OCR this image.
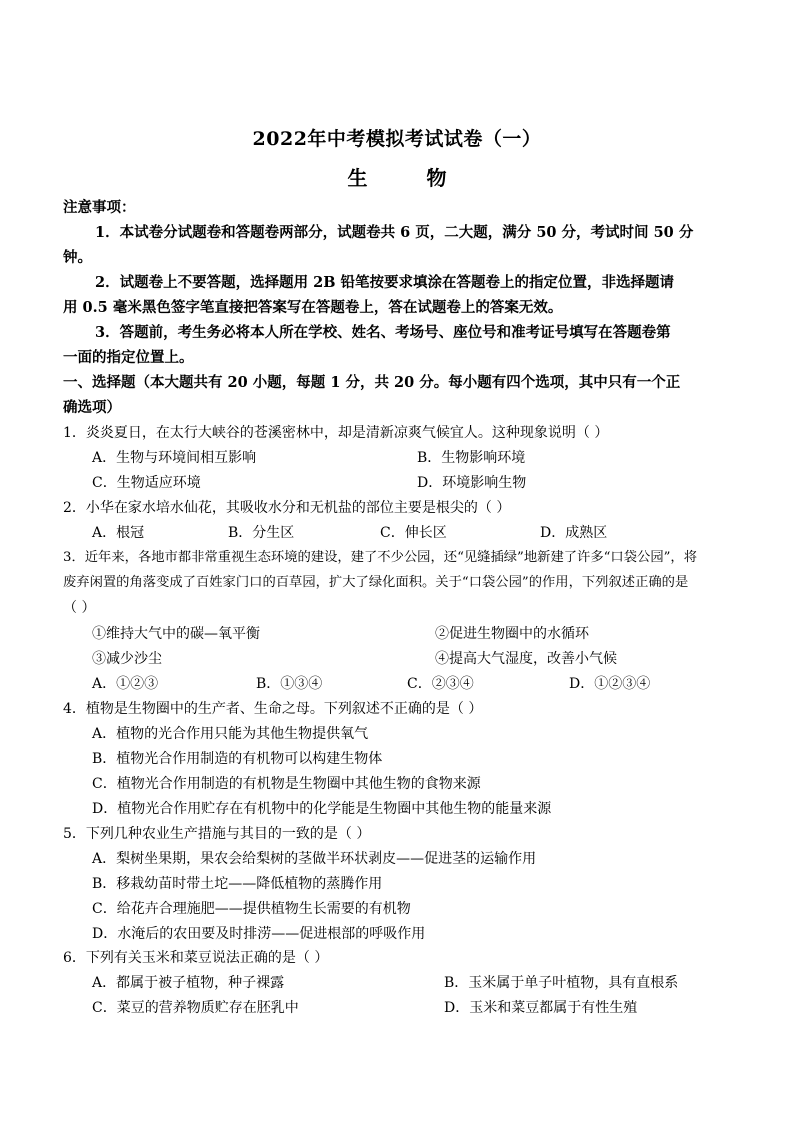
2022年中考模拟考试试卷（一）
生 物
注意事项：
1．本试卷分试题卷和答题卷两部分，试题卷共 6 页，二大题，满分 50 分，考试时间 50 分
钟。
2．试题卷上不要答题，选择题用 2B 铅笔按要求填涂在答题卷上的指定位置，非选择题请
用 0.5 毫米黑色签字笔直接把答案写在答题卷上，答在试题卷上的答案无效。
3．答题前，考生务必将本人所在学校、姓名、考场号、座位号和准考证号填写在答题卷第
一面的指定位置上。
一、选择题（本大题共有 20 小题，每题 1 分，共 20 分。每小题有四个选项，其中只有一个正
确选项）
1．炎炎夏日，在太行大峡谷的苍溪密林中，却是清新凉爽气候宜人。这种现象说明（ ）
A．生物与环境间相互影响	B．生物影响环境
C．生物适应环境	D．环境影响生物
2．小华在家水培水仙花，其吸收水分和无机盐的部位主要是根尖的（ ）
A．根冠	B．分生区	C．伸长区	D．成熟区
3．近年来，各地市都非常重视生态环境的建设，建了不少公园，还“见缝插绿”地新建了许多“口袋公园”，将
废弃闲置的角落变成了百姓家门口的百草园，扩大了绿化面积。关于“口袋公园”的作用，下列叙述正确的是
（ ）
①维持大气中的碳—氧平衡	②促进生物圈中的水循环
③减少沙尘	④提高大气湿度，改善小气候
A．①②③	B．①③④	C．②③④	D．①②③④
4．植物是生物圈中的生产者、生命之母。下列叙述不正确的是（ ）
A．植物的光合作用只能为其他生物提供氧气
B．植物光合作用制造的有机物可以构建生物体
C．植物光合作用制造的有机物是生物圈中其他生物的食物来源
D．植物光合作用贮存在有机物中的化学能是生物圈中其他生物的能量来源
5．下列几种农业生产措施与其目的一致的是（ ）
A．梨树坐果期，果农会给梨树的茎做半环状剥皮——促进茎的运输作用
B．移栽幼苗时带土坨——降低植物的蒸腾作用
C．给花卉合理施肥——提供植物生长需要的有机物
D．水淹后的农田要及时排涝——促进根部的呼吸作用
6．下列有关玉米和菜豆说法正确的是（ ）
A．都属于被子植物，种子裸露	B．玉米属于单子叶植物，具有直根系
C．菜豆的营养物质贮存在胚乳中	D．玉米和菜豆都属于有性生殖
